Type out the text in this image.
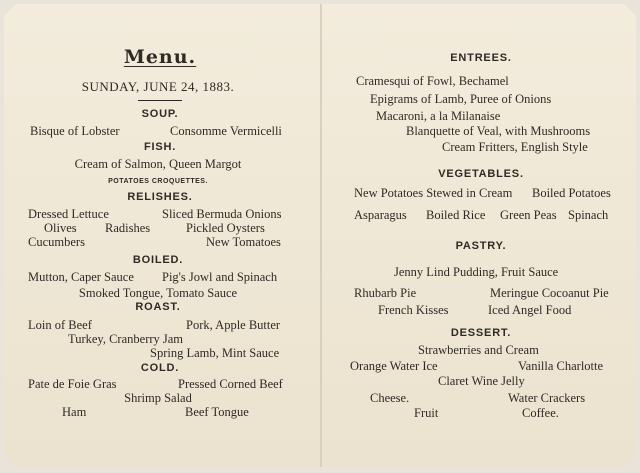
Menu.
SUNDAY, JUNE 24, 1883.
SOUP.
Bisque of Lobster	Consomme Vermicelli
FISH.
Cream of Salmon, Queen Margot
POTATOES CROQUETTES.
RELISHES.
Dressed Lettuce	Sliced Bermuda Onions
Olives Radishes	Pickled Oysters
Cucumbers	New Tomatoes
BOILED.
Mutton, Caper Sauce Pig's Jowl and Spinach
Smoked Tongue, Tomato Sauce
ROAST.
Loin of Beef	Pork, Apple Butter
Turkey, Cranberry Jam
Spring Lamb, Mint Sauce
COLD.
Pate de Foie Gras	Pressed Corned Beef
Shrimp Salad
Ham	Beef Tongue
ENTREES.
Cramesqui of Fowl, Bechamel
Epigrams of Lamb, Puree of Onions
Macaroni, a la Milanaise
Blanquette of Veal, with Mushrooms
Cream Fritters, English Style
VEGETABLES.
New Potatoes Stewed in Cream Boiled Potatoes
Asparagus Boiled Rice Green Peas Spinach
PASTRY.
Jenny Lind Pudding, Fruit Sauce
Rhubarb Pie	Meringue Cocoanut Pie
French Kisses	Iced Angel Food
DESSERT.
Strawberries and Cream
Orange Water Ice	Vanilla Charlotte
Claret Wine Jelly
Cheese.	Water Crackers
Fruit	Coffee.
